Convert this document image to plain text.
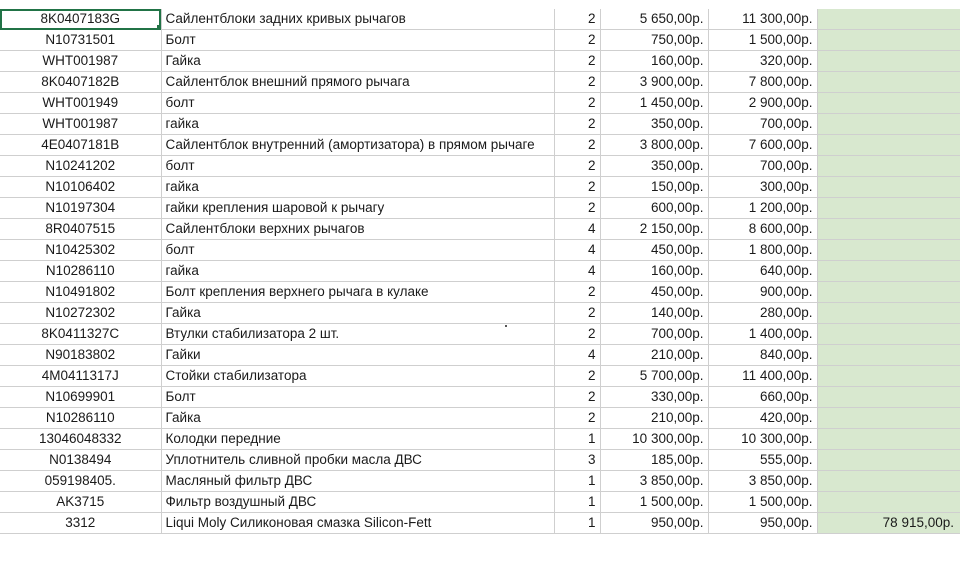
8K0407183G	Сайлентблоки задних кривых рычагов	2	5 650,00р.	11 300,00р.	
N10731501	Болт	2	750,00р.	1 500,00р.	
WHT001987	Гайка	2	160,00р.	320,00р.	
8K0407182B	Сайлентблок внешний прямого рычага	2	3 900,00р.	7 800,00р.	
WHT001949	болт	2	1 450,00р.	2 900,00р.	
WHT001987	гайка	2	350,00р.	700,00р.	
4E0407181B	Сайлентблок внутренний (амортизатора) в прямом рычаге	2	3 800,00р.	7 600,00р.	
N10241202	болт	2	350,00р.	700,00р.	
N10106402	гайка	2	150,00р.	300,00р.	
N10197304	гайки крепления шаровой к рычагу	2	600,00р.	1 200,00р.	
8R0407515	Сайлентблоки верхних рычагов	4	2 150,00р.	8 600,00р.	
N10425302	болт	4	450,00р.	1 800,00р.	
N10286110	гайка	4	160,00р.	640,00р.	
N10491802	Болт крепления верхнего рычага в кулаке	2	450,00р.	900,00р.	
N10272302	Гайка	2	140,00р.	280,00р.	
8K0411327C	Втулки стабилизатора 2 шт.	2	700,00р.	1 400,00р.	
N90183802	Гайки	4	210,00р.	840,00р.	
4M0411317J	Стойки стабилизатора	2	5 700,00р.	11 400,00р.	
N10699901	Болт	2	330,00р.	660,00р.	
N10286110	Гайка	2	210,00р.	420,00р.	
13046048332	Колодки передние	1	10 300,00р.	10 300,00р.	
N0138494	Уплотнитель сливной пробки масла ДВС	3	185,00р.	555,00р.	
059198405.	Масляный фильтр ДВС	1	3 850,00р.	3 850,00р.	
AK3715	Фильтр воздушный ДВС	1	1 500,00р.	1 500,00р.	
3312	Liqui Moly Силиконовая смазка Silicon-Fett	1	950,00р.	950,00р.	78 915,00р.
